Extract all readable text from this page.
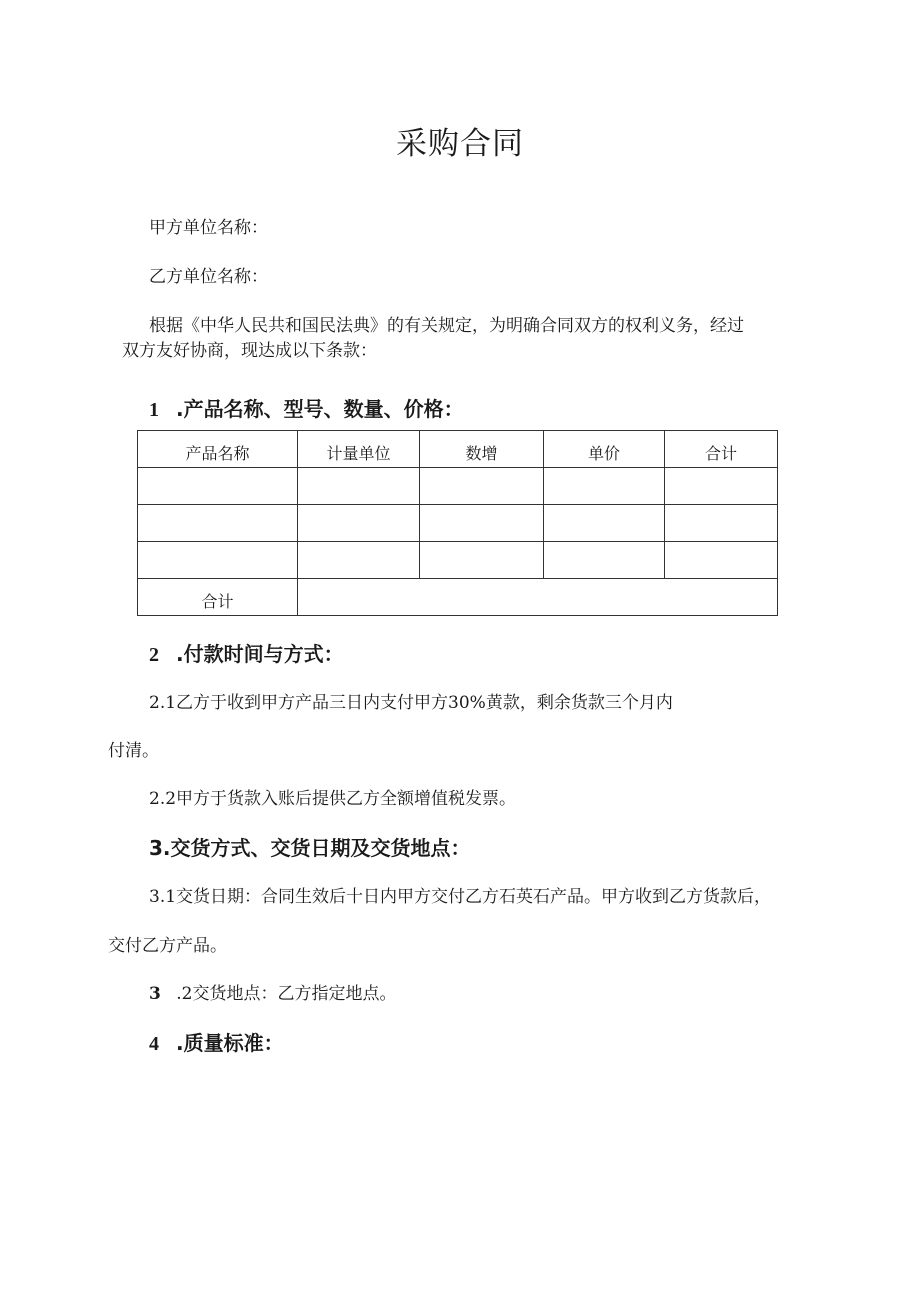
采购合同
甲方单位名称：
乙方单位名称：
根据《中华人民共和国民法典》的有关规定，为明确合同双方的权利义务，经过
双方友好协商，现达成以下条款：
1 .产品名称、型号、数量、价格：
产品名称	计量单位	数增	单价	合计

合计				
2 .付款时间与方式：
2.1乙方于收到甲方产品三日内支付甲方30%黄款，剩余货款三个月内
付清。
2.2甲方于货款入账后提供乙方全额增值税发票。
3.交货方式、交货日期及交货地点：
3.1交货日期：合同生效后十日内甲方交付乙方石英石产品。甲方收到乙方货款后，
交付乙方产品。
3 .2交货地点：乙方指定地点。
4 .质量标准：
